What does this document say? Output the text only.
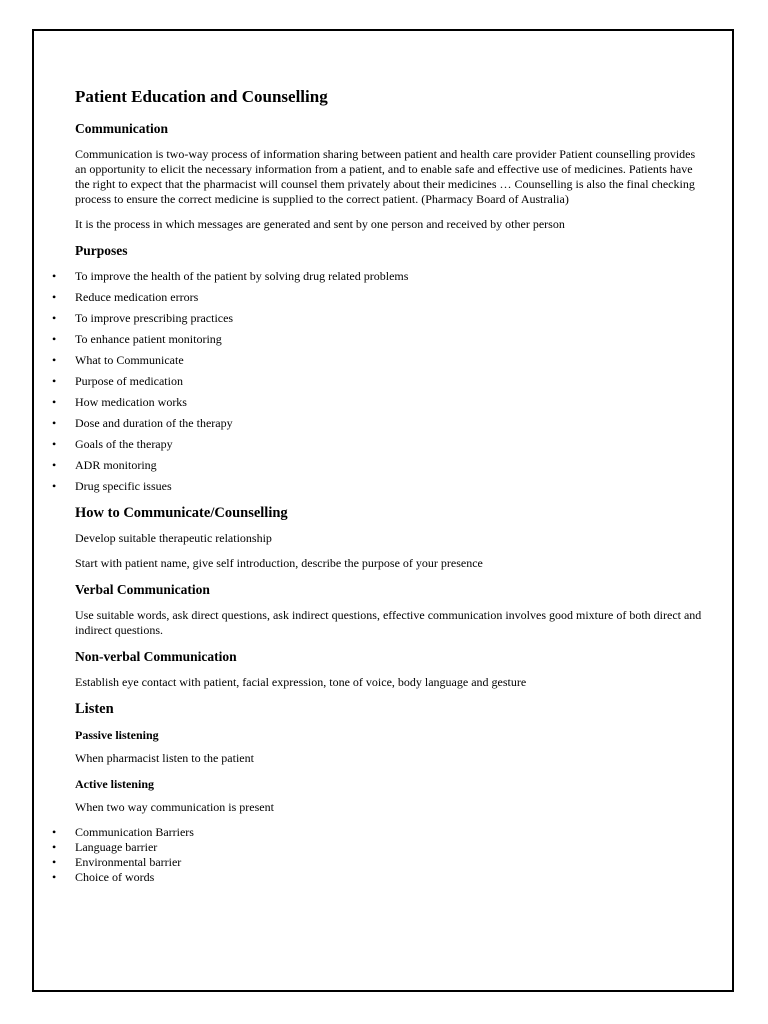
Patient Education and Counselling
Communication

Communication is two-way process of information sharing between patient and health care provider Patient counselling provides an opportunity to elicit the necessary information from a patient, and to enable safe and effective use of medicines. Patients have the right to expect that the pharmacist will counsel them privately about their medicines … Counselling is also the final checking process to ensure the correct medicine is supplied to the correct patient. (Pharmacy Board of Australia)

It is the process in which messages are generated and sent by one person and received by other person

Purposes
• To improve the health of the patient by solving drug related problems
• Reduce medication errors
• To improve prescribing practices
• To enhance patient monitoring
• What to Communicate
• Purpose of medication
• How medication works
• Dose and duration of the therapy
• Goals of the therapy
• ADR monitoring
• Drug specific issues
How to Communicate/Counselling

Develop suitable therapeutic relationship

Start with patient name, give self introduction, describe the purpose of your presence

Verbal Communication

Use suitable words, ask direct questions, ask indirect questions, effective communication involves good mixture of both direct and indirect questions.

Non-verbal Communication

Establish eye contact with patient, facial expression, tone of voice, body language and gesture

Listen
Passive listening

When pharmacist listen to the patient

Active listening

When two way communication is present

• Communication Barriers
• Language barrier
• Environmental barrier
• Choice of words
